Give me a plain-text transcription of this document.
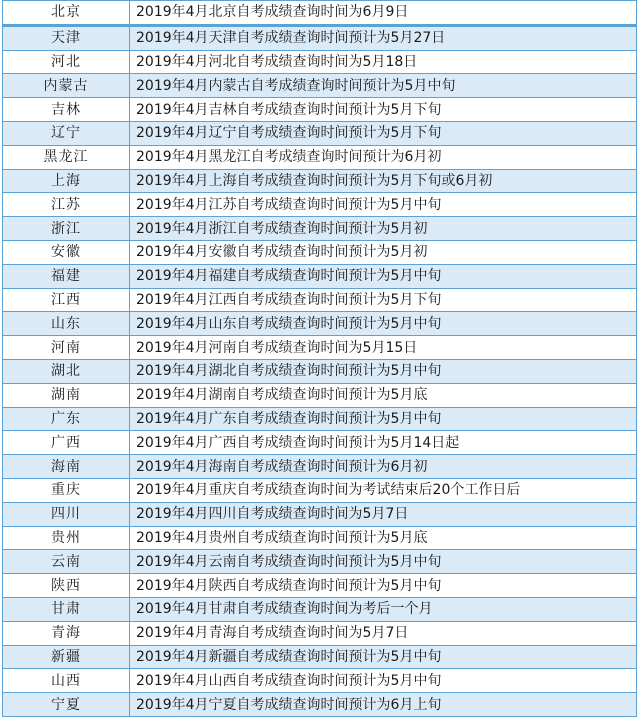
北京	2019年4月北京自考成绩查询时间为6月9日
天津	2019年4月天津自考成绩查询时间预计为5月27日
河北	2019年4月河北自考成绩查询时间为5月18日
内蒙古	2019年4月内蒙古自考成绩查询时间预计为5月中旬
吉林	2019年4月吉林自考成绩查询时间预计为5月下旬
辽宁	2019年4月辽宁自考成绩查询时间预计为5月下旬
黑龙江	2019年4月黑龙江自考成绩查询时间预计为6月初
上海	2019年4月上海自考成绩查询时间预计为5月下旬或6月初
江苏	2019年4月江苏自考成绩查询时间预计为5月中旬
浙江	2019年4月浙江自考成绩查询时间预计为5月初
安徽	2019年4月安徽自考成绩查询时间预计为5月初
福建	2019年4月福建自考成绩查询时间预计为5月中旬
江西	2019年4月江西自考成绩查询时间预计为5月下旬
山东	2019年4月山东自考成绩查询时间预计为5月中旬
河南	2019年4月河南自考成绩查询时间为5月15日
湖北	2019年4月湖北自考成绩查询时间预计为5月中旬
湖南	2019年4月湖南自考成绩查询时间预计为5月底
广东	2019年4月广东自考成绩查询时间预计为5月中旬
广西	2019年4月广西自考成绩查询时间预计为5月14日起
海南	2019年4月海南自考成绩查询时间预计为6月初
重庆	2019年4月重庆自考成绩查询时间为考试结束后20个工作日后
四川	2019年4月四川自考成绩查询时间为5月7日
贵州	2019年4月贵州自考成绩查询时间预计为5月底
云南	2019年4月云南自考成绩查询时间预计为5月中旬
陕西	2019年4月陕西自考成绩查询时间预计为5月中旬
甘肃	2019年4月甘肃自考成绩查询时间为考后一个月
青海	2019年4月青海自考成绩查询时间为5月7日
新疆	2019年4月新疆自考成绩查询时间预计为5月中旬
山西	2019年4月山西自考成绩查询时间预计为5月中旬
宁夏	2019年4月宁夏自考成绩查询时间预计为6月上旬
